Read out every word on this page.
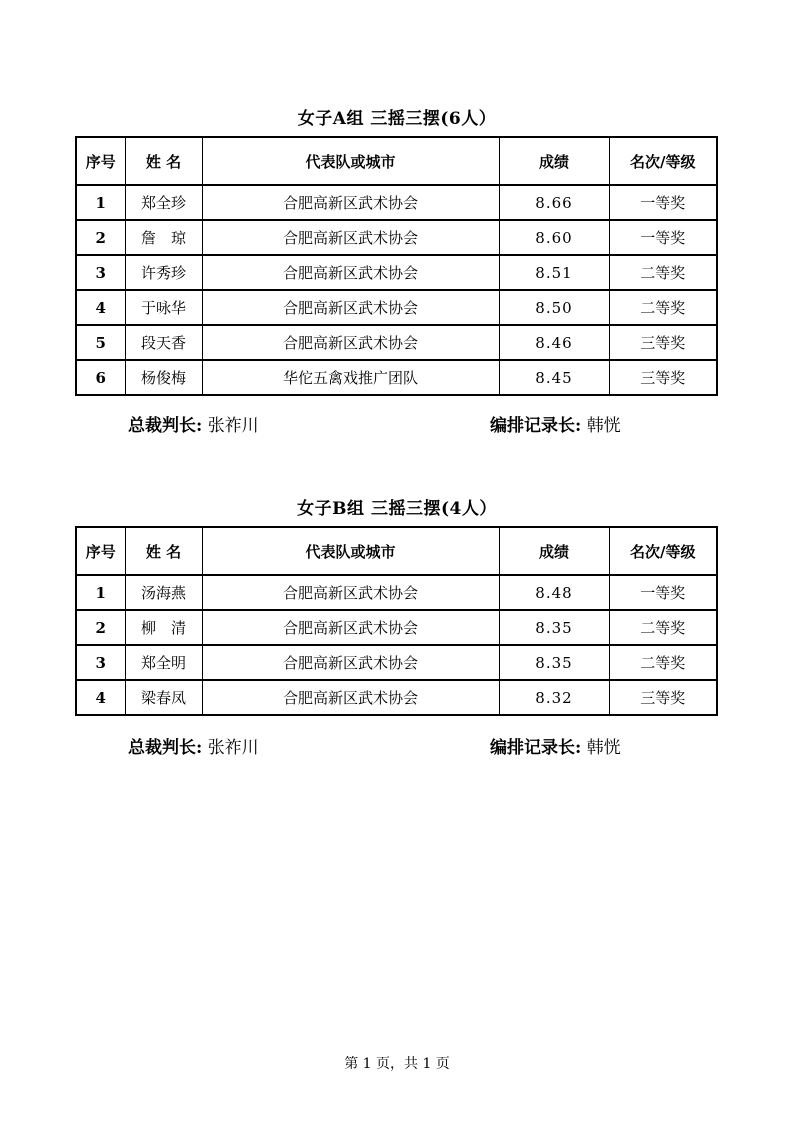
女子A组 三摇三摆(6人）
序号	姓 名	代表队或城市	成绩	名次/等级
1	郑全珍	合肥高新区武术协会	8.66	一等奖
2	詹　琼	合肥高新区武术协会	8.60	一等奖
3	许秀珍	合肥高新区武术协会	8.51	二等奖
4	于咏华	合肥高新区武术协会	8.50	二等奖
5	段天香	合肥高新区武术协会	8.46	三等奖
6	杨俊梅	华佗五禽戏推广团队	8.45	三等奖
总裁判长: 张祚川	编排记录长: 韩恍
女子B组 三摇三摆(4人）
序号	姓 名	代表队或城市	成绩	名次/等级
1	汤海燕	合肥高新区武术协会	8.48	一等奖
2	柳　清	合肥高新区武术协会	8.35	二等奖
3	郑全明	合肥高新区武术协会	8.35	二等奖
4	梁春凤	合肥高新区武术协会	8.32	三等奖
总裁判长: 张祚川	编排记录长: 韩恍
第 1 页，共 1 页
